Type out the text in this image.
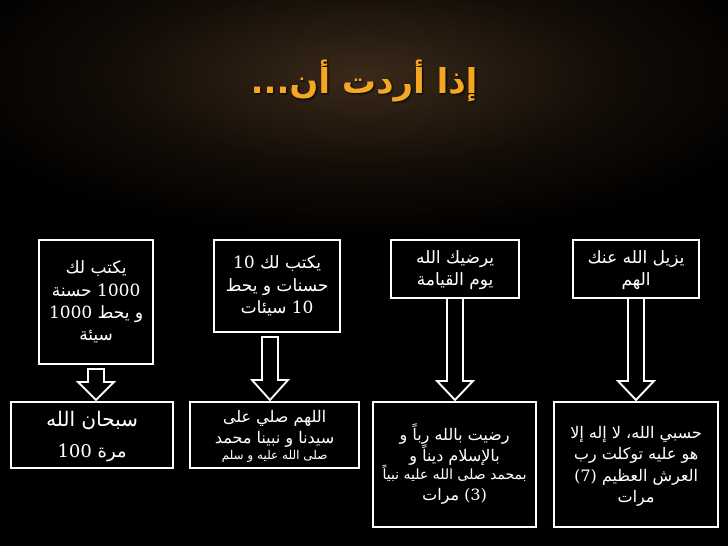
إذا أردت أن...
يكتب لك
1000 حسنة
و يحط 1000
سيئة
يكتب لك 10
حسنات و يحط
10 سيئات
يرضيك الله
يوم القيامة
يزيل الله عنك
الهم
سبحان الله
مرة 100
اللهم صلي على
سيدنا و نبينا محمد
صلى الله عليه و سلم
رضيت بالله رباً و
بالإسلام ديناً و
بمحمد صلى الله عليه نبياً
(3) مرات
حسبي الله، لا إله إلا
هو عليه توكلت رب
العرش العظيم (7)
مرات
